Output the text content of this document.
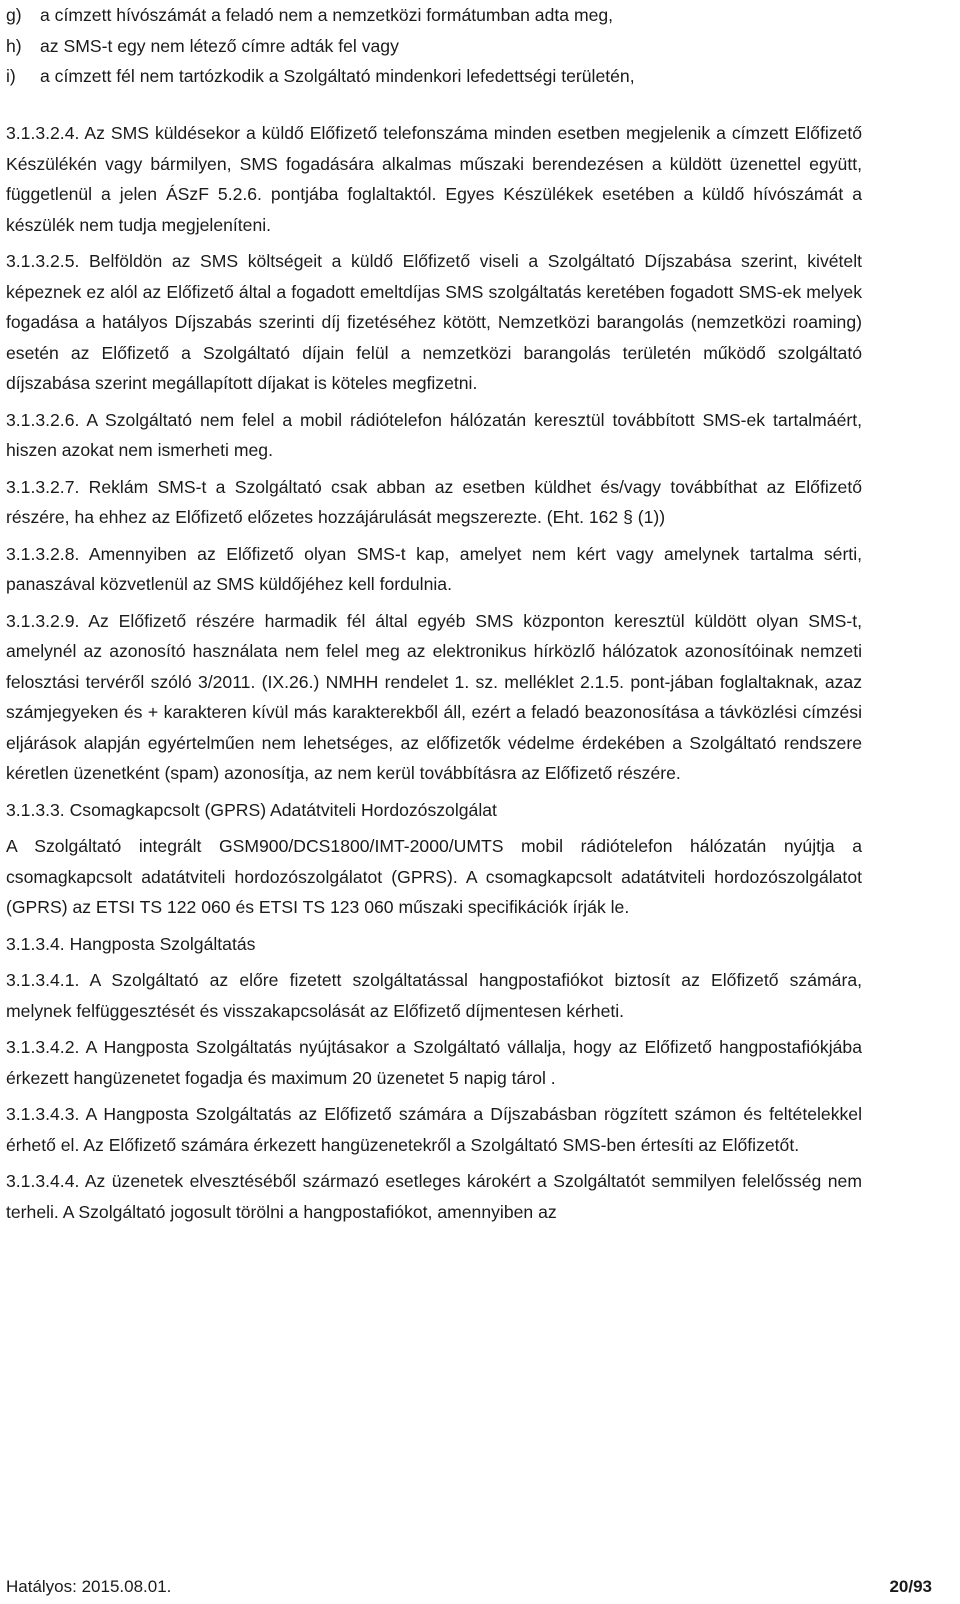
g)	a címzett hívószámát a feladó nem a nemzetközi formátumban adta meg,
h)	az SMS-t egy nem létező címre adták fel vagy
i)	a címzett fél nem tartózkodik a Szolgáltató mindenkori lefedettségi területén,

3.1.3.2.4. Az SMS küldésekor a küldő Előfizető telefonszáma minden esetben megjelenik a címzett Előfizető Készülékén vagy bármilyen, SMS fogadására alkalmas műszaki berendezésen a küldött üzenettel együtt, függetlenül a jelen ÁSzF 5.2.6. pontjába foglaltaktól. Egyes Készülékek esetében a küldő hívószámát a készülék nem tudja megjeleníteni.

3.1.3.2.5. Belföldön az SMS költségeit a küldő Előfizető viseli a Szolgáltató Díjszabása szerint, kivételt képeznek ez alól az Előfizető által a fogadott emeltdíjas SMS szolgáltatás keretében fogadott SMS-ek melyek fogadása a hatályos Díjszabás szerinti díj fizetéséhez kötött, Nemzetközi barangolás (nemzetközi roaming) esetén az Előfizető a Szolgáltató díjain felül a nemzetközi barangolás területén működő szolgáltató díjszabása szerint megállapított díjakat is köteles megfizetni.

3.1.3.2.6. A Szolgáltató nem felel a mobil rádiótelefon hálózatán keresztül továbbított SMS-ek tartalmáért, hiszen azokat nem ismerheti meg.

3.1.3.2.7. Reklám SMS-t a Szolgáltató csak abban az esetben küldhet és/vagy továbbíthat az Előfizető részére, ha ehhez az Előfizető előzetes hozzájárulását megszerezte. (Eht. 162 § (1))

3.1.3.2.8. Amennyiben az Előfizető olyan SMS-t kap, amelyet nem kért vagy amelynek tartalma sérti, panaszával közvetlenül az SMS küldőjéhez kell fordulnia.

3.1.3.2.9. Az Előfizető részére harmadik fél által egyéb SMS központon keresztül küldött olyan SMS-t, amelynél az azonosító használata nem felel meg az elektronikus hírközlő hálózatok azonosítóinak nemzeti felosztási tervéről szóló 3/2011. (IX.26.) NMHH rendelet 1. sz. melléklet 2.1.5. pont-jában foglaltaknak, azaz számjegyeken és + karakteren kívül más karakterekből áll, ezért a feladó beazonosítása a távközlési címzési eljárások alapján egyértelműen nem lehetséges, az előfizetők védelme érdekében a Szolgáltató rendszere kéretlen üzenetként (spam) azonosítja, az nem kerül továbbításra az Előfizető részére.

3.1.3.3. Csomagkapcsolt (GPRS) Adatátviteli Hordozószolgálat

A Szolgáltató integrált GSM900/DCS1800/IMT-2000/UMTS mobil rádiótelefon hálózatán nyújtja a csomagkapcsolt adatátviteli hordozószolgálatot (GPRS). A csomagkapcsolt adatátviteli hordozószolgálatot (GPRS) az ETSI TS 122 060 és ETSI TS 123 060 műszaki specifikációk írják le.

3.1.3.4. Hangposta Szolgáltatás

3.1.3.4.1. A Szolgáltató az előre fizetett szolgáltatással hangpostafiókot biztosít az Előfizető számára, melynek felfüggesztését és visszakapcsolását az Előfizető díjmentesen kérheti.

3.1.3.4.2. A Hangposta Szolgáltatás nyújtásakor a Szolgáltató vállalja, hogy az Előfizető hangpostafiókjába érkezett hangüzenetet fogadja és maximum 20 üzenetet 5 napig tárol .

3.1.3.4.3. A Hangposta Szolgáltatás az Előfizető számára a Díjszabásban rögzített számon és feltételekkel érhető el. Az Előfizető számára érkezett hangüzenetekről a Szolgáltató SMS-ben értesíti az Előfizetőt.

3.1.3.4.4. Az üzenetek elvesztéséből származó esetleges károkért a Szolgáltatót semmilyen felelősség nem terheli. A Szolgáltató jogosult törölni a hangpostafiókot, amennyiben az

Hatályos: 2015.08.01.	20/93
